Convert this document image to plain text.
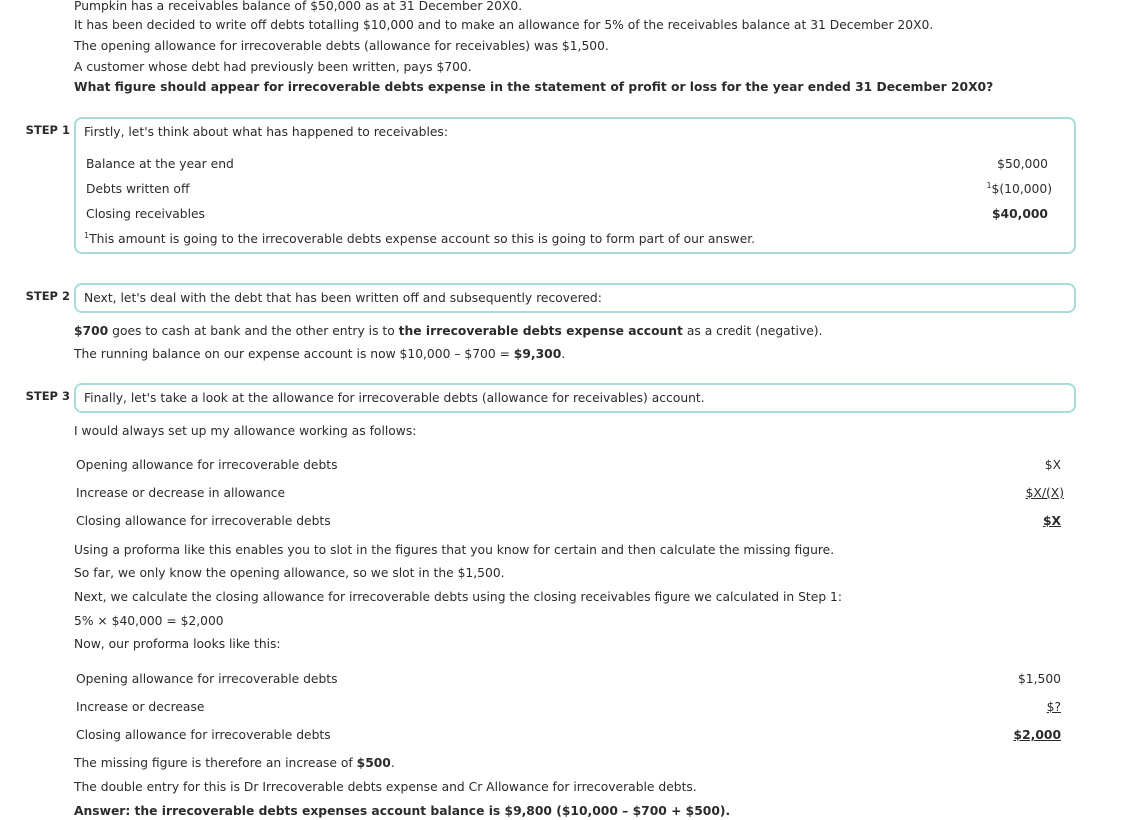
Pumpkin has a receivables balance of $50,000 as at 31 December 20X0.
It has been decided to write off debts totalling $10,000 and to make an allowance for 5% of the receivables balance at 31 December 20X0.
The opening allowance for irrecoverable debts (allowance for receivables) was $1,500.
A customer whose debt had previously been written, pays $700.
What figure should appear for irrecoverable debts expense in the statement of profit or loss for the year ended 31 December 20X0?
STEP 1 Firstly, let's think about what has happened to receivables:
Balance at the year end	$50,000
Debts written off	$^1$\$(10,000)
Closing receivables	$40,000
$^1$This amount is going to the irrecoverable debts expense account so this is going to form part of our answer.
STEP 2 Next, let's deal with the debt that has been written off and subsequently recovered:
$700 goes to cash at bank and the other entry is to the irrecoverable debts expense account as a credit (negative).
The running balance on our expense account is now $10,000 – $700 = $9,300.
STEP 3 Finally, let's take a look at the allowance for irrecoverable debts (allowance for receivables) account.
I would always set up my allowance working as follows:
Opening allowance for irrecoverable debts	$X
Increase or decrease in allowance	$X/(X)
Closing allowance for irrecoverable debts	$X
Using a proforma like this enables you to slot in the figures that you know for certain and then calculate the missing figure.
So far, we only know the opening allowance, so we slot in the $1,500.
Next, we calculate the closing allowance for irrecoverable debts using the closing receivables figure we calculated in Step 1:
5% × $40,000 = $2,000
Now, our proforma looks like this:
Opening allowance for irrecoverable debts	$1,500
Increase or decrease	$?
Closing allowance for irrecoverable debts	$2,000
The missing figure is therefore an increase of $500.
The double entry for this is Dr Irrecoverable debts expense and Cr Allowance for irrecoverable debts.
Answer: the irrecoverable debts expenses account balance is $9,800 ($10,000 – $700 + $500).
